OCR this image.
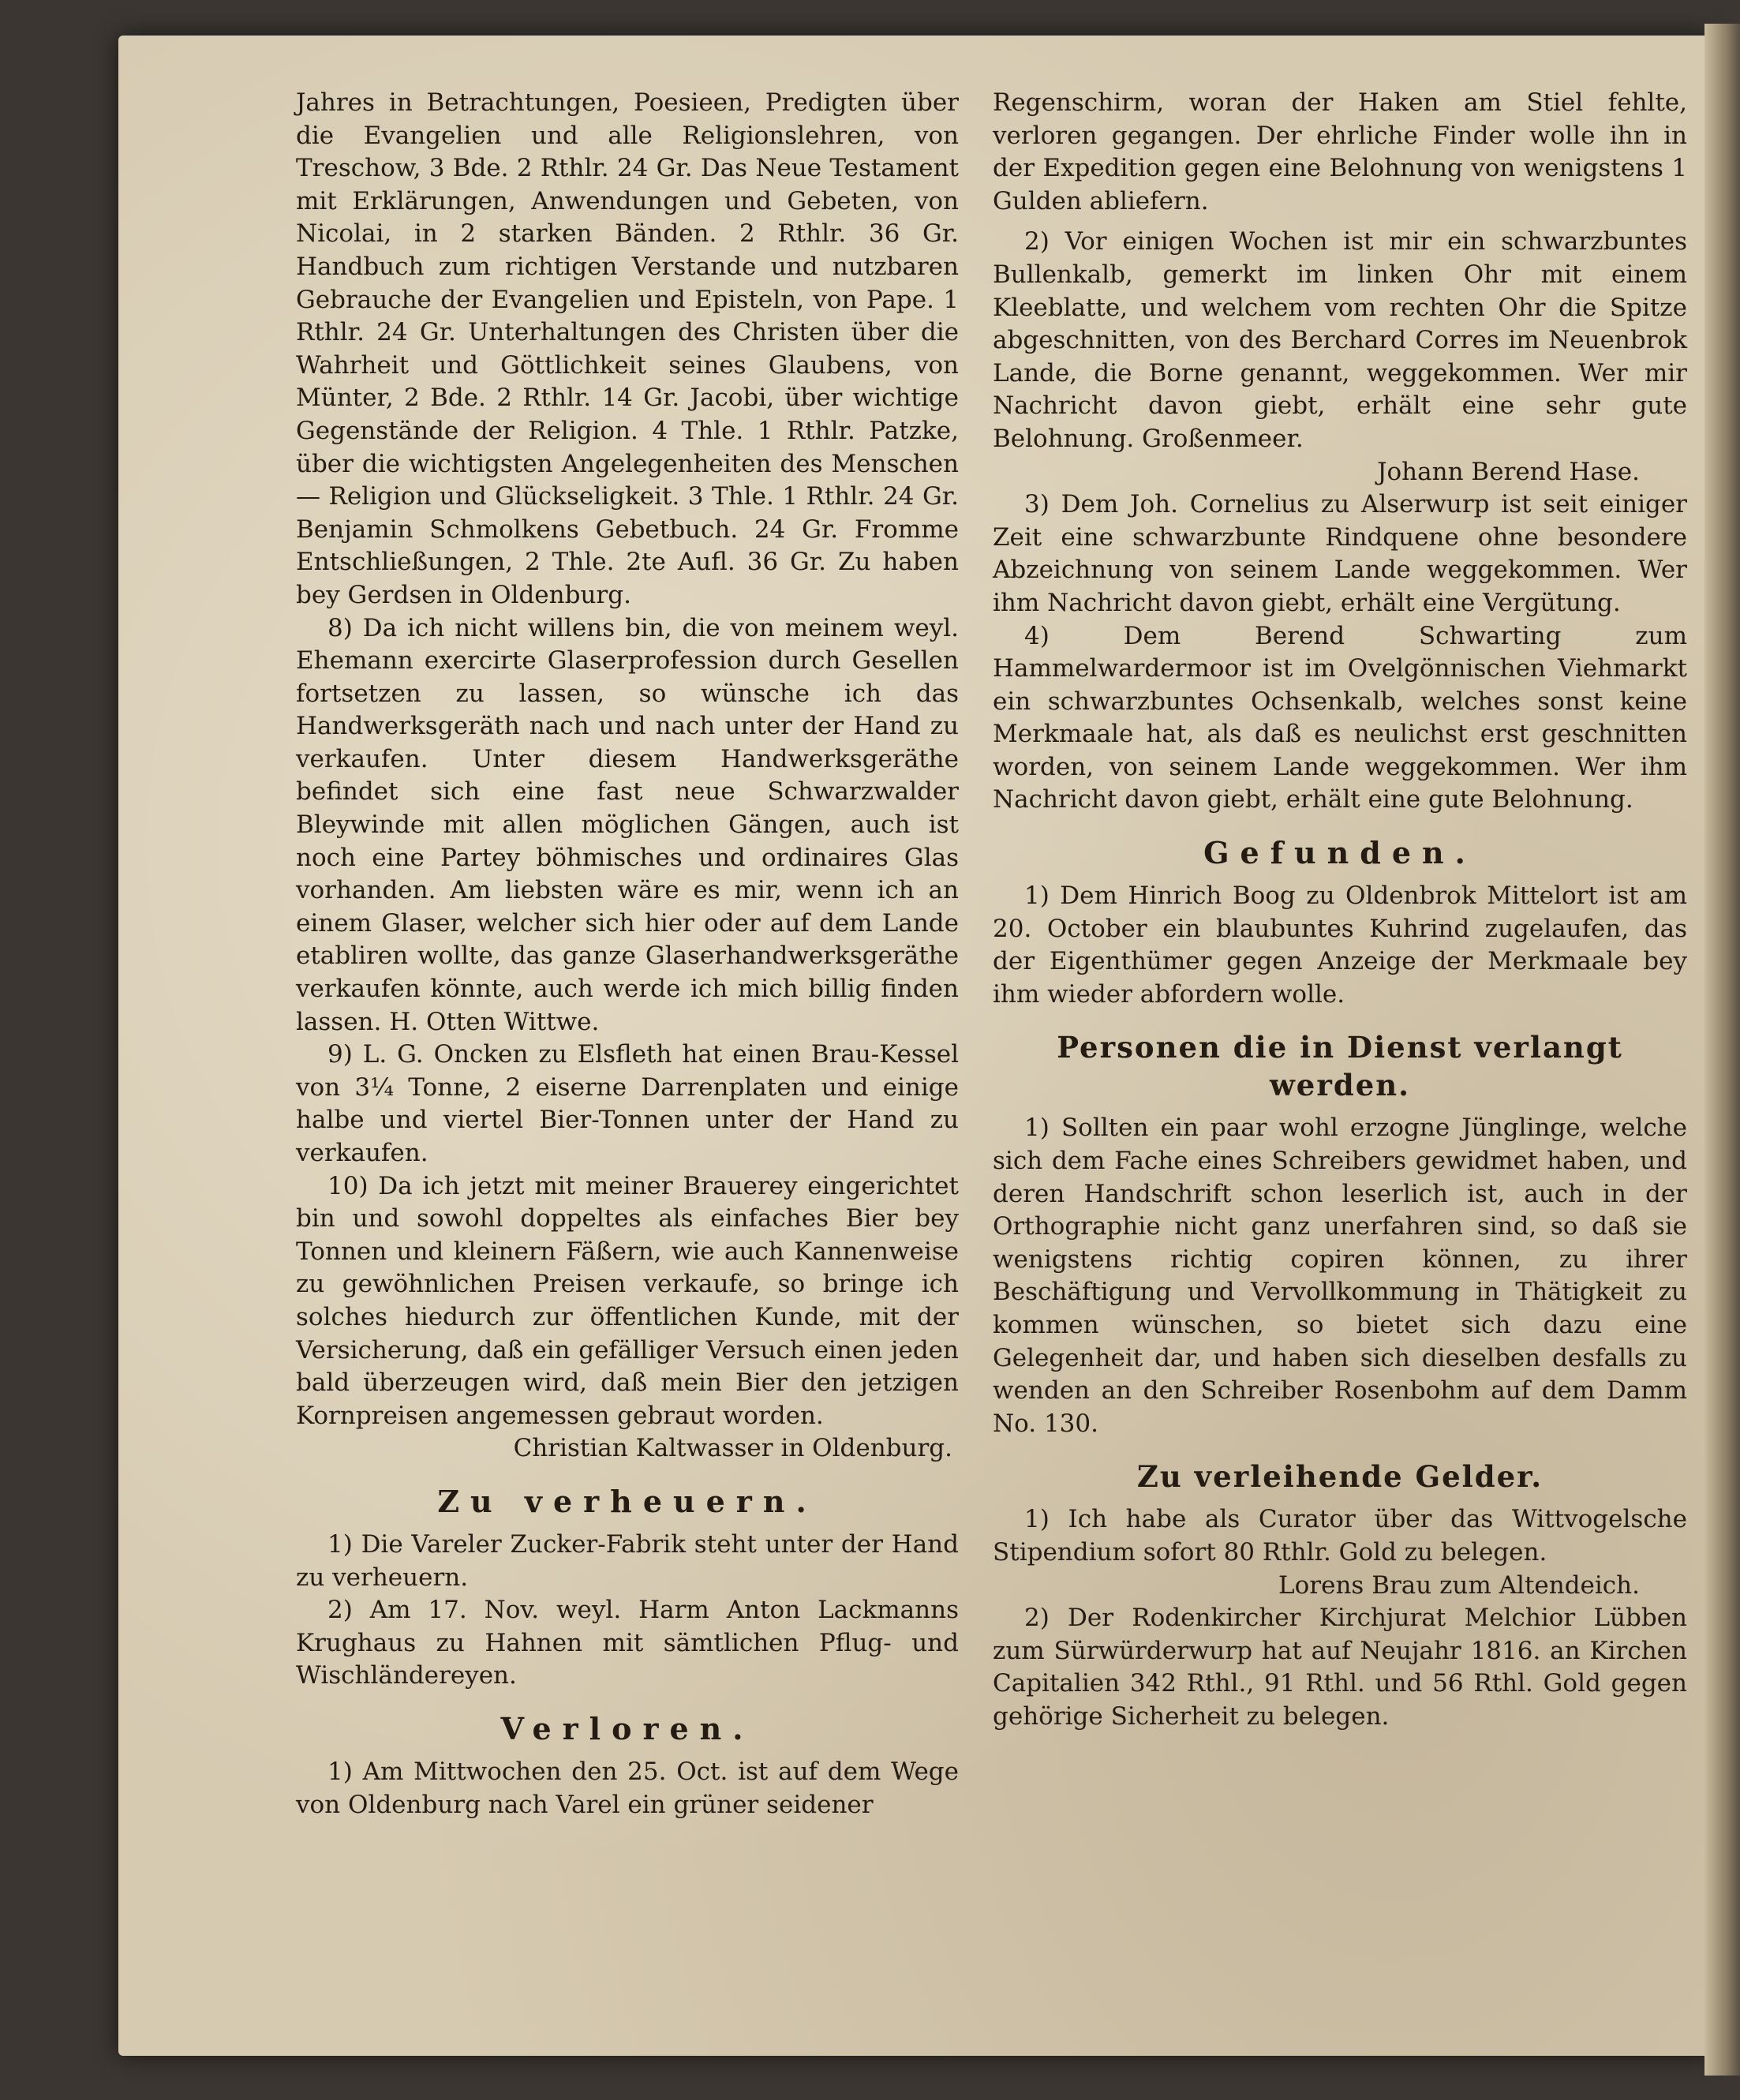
Jahres in Betrachtungen, Poesieen, Predigten über die Evangelien und alle Religionslehren, von Treschow, 3 Bde. 2 Rthlr. 24 Gr. Das Neue Testament mit Erklärungen, Anwendungen und Gebeten, von Nicolai, in 2 starken Bänden. 2 Rthlr. 36 Gr. Handbuch zum richtigen Verstande und nutzbaren Gebrauche der Evangelien und Episteln, von Pape. 1 Rthlr. 24 Gr. Unterhaltungen des Christen über die Wahrheit und Göttlichkeit seines Glaubens, von Münter, 2 Bde. 2 Rthlr. 14 Gr. Jacobi, über wichtige Gegenstände der Religion. 4 Thle. 1 Rthlr. Patzke, über die wichtigsten Angelegenheiten des Menschen — Religion und Glückseligkeit. 3 Thle. 1 Rthlr. 24 Gr. Benjamin Schmolkens Gebetbuch. 24 Gr. Fromme Entschließungen, 2 Thle. 2te Aufl. 36 Gr. Zu haben bey Gerdsen in Oldenburg.

8) Da ich nicht willens bin, die von meinem weyl. Ehemann exercirte Glaserprofession durch Gesellen fortsetzen zu lassen, so wünsche ich das Handwerksgeräth nach und nach unter der Hand zu verkaufen. Unter diesem Handwerksgeräthe befindet sich eine fast neue Schwarzwalder Bleywinde mit allen möglichen Gängen, auch ist noch eine Partey böhmisches und ordinaires Glas vorhanden. Am liebsten wäre es mir, wenn ich an einem Glaser, welcher sich hier oder auf dem Lande etabliren wollte, das ganze Glaserhandwerksgeräthe verkaufen könnte, auch werde ich mich billig finden lassen. H. Otten Wittwe.

9) L. G. Oncken zu Elsfleth hat einen Brau-Kessel von 3¼ Tonne, 2 eiserne Darrenplaten und einige halbe und viertel Bier-Tonnen unter der Hand zu verkaufen.

10) Da ich jetzt mit meiner Brauerey eingerichtet bin und sowohl doppeltes als einfaches Bier bey Tonnen und kleinern Fäßern, wie auch Kannenweise zu gewöhnlichen Preisen verkaufe, so bringe ich solches hiedurch zur öffentlichen Kunde, mit der Versicherung, daß ein gefälliger Versuch einen jeden bald überzeugen wird, daß mein Bier den jetzigen Kornpreisen angemessen gebraut worden.

Christian Kaltwasser in Oldenburg.

Zu verheuern.

1) Die Vareler Zucker-Fabrik steht unter der Hand zu verheuern.

2) Am 17. Nov. weyl. Harm Anton Lackmanns Krughaus zu Hahnen mit sämtlichen Pflug- und Wischländereyen.

Verloren.

1) Am Mittwochen den 25. Oct. ist auf dem Wege von Oldenburg nach Varel ein grüner seidener

Regenschirm, woran der Haken am Stiel fehlte, verloren gegangen. Der ehrliche Finder wolle ihn in der Expedition gegen eine Belohnung von wenigstens 1 Gulden abliefern.

2) Vor einigen Wochen ist mir ein schwarzbuntes Bullenkalb, gemerkt im linken Ohr mit einem Kleeblatte, und welchem vom rechten Ohr die Spitze abgeschnitten, von des Berchard Corres im Neuenbrok Lande, die Borne genannt, weggekommen. Wer mir Nachricht davon giebt, erhält eine sehr gute Belohnung. Großenmeer.

Johann Berend Hase.

3) Dem Joh. Cornelius zu Alserwurp ist seit einiger Zeit eine schwarzbunte Rindquene ohne besondere Abzeichnung von seinem Lande weggekommen. Wer ihm Nachricht davon giebt, erhält eine Vergütung.

4) Dem Berend Schwarting zum Hammelwardermoor ist im Ovelgönnischen Viehmarkt ein schwarzbuntes Ochsenkalb, welches sonst keine Merkmaale hat, als daß es neulichst erst geschnitten worden, von seinem Lande weggekommen. Wer ihm Nachricht davon giebt, erhält eine gute Belohnung.

Gefunden.

1) Dem Hinrich Boog zu Oldenbrok Mittelort ist am 20. October ein blaubuntes Kuhrind zugelaufen, das der Eigenthümer gegen Anzeige der Merkmaale bey ihm wieder abfordern wolle.

Personen die in Dienst verlangt werden.

1) Sollten ein paar wohl erzogne Jünglinge, welche sich dem Fache eines Schreibers gewidmet haben, und deren Handschrift schon leserlich ist, auch in der Orthographie nicht ganz unerfahren sind, so daß sie wenigstens richtig copiren können, zu ihrer Beschäftigung und Vervollkommung in Thätigkeit zu kommen wünschen, so bietet sich dazu eine Gelegenheit dar, und haben sich dieselben desfalls zu wenden an den Schreiber Rosenbohm auf dem Damm No. 130.

Zu verleihende Gelder.

1) Ich habe als Curator über das Wittvogelsche Stipendium sofort 80 Rthlr. Gold zu belegen.

Lorens Brau zum Altendeich.

2) Der Rodenkircher Kirchjurat Melchior Lübben zum Sürwürderwurp hat auf Neujahr 1816. an Kirchen Capitalien 342 Rthl., 91 Rthl. und 56 Rthl. Gold gegen gehörige Sicherheit zu belegen.
